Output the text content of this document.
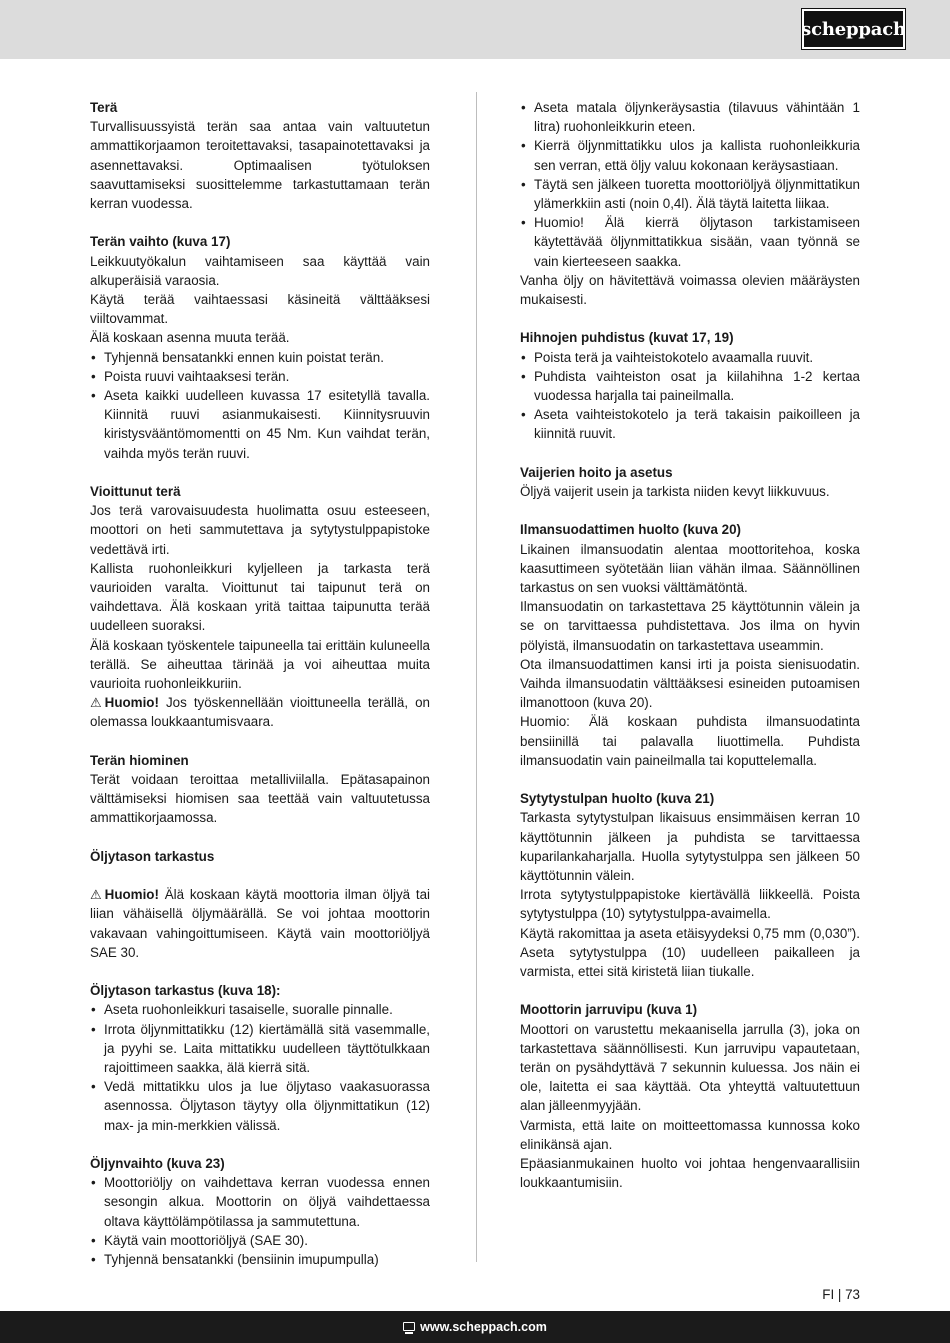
scheppach

Terä

Turvallisuussyistä terän saa antaa vain valtuutetun ammattikorjaamon teroitettavaksi, tasapainotettavaksi ja asennettavaksi. Optimaalisen työtuloksen saavuttamiseksi suosittelemme tarkastuttamaan terän kerran vuodessa.

Terän vaihto (kuva 17)

Leikkuutyökalun vaihtamiseen saa käyttää vain alkuperäisiä varaosia.

Käytä terää vaihtaessasi käsineitä välttääksesi viiltovammat.

Älä koskaan asenna muuta terää.

• Tyhjennä bensatankki ennen kuin poistat terän.
• Poista ruuvi vaihtaaksesi terän.
• Aseta kaikki uudelleen kuvassa 17 esitetyllä tavalla. Kiinnitä ruuvi asianmukaisesti. Kiinnitysruuvin kiristysvääntömomentti on 45 Nm. Kun vaihdat terän, vaihda myös terän ruuvi.

Vioittunut terä

Jos terä varovaisuudesta huolimatta osuu esteeseen, moottori on heti sammutettava ja sytytystulppapistoke vedettävä irti.

Kallista ruohonleikkuri kyljelleen ja tarkasta terä vaurioiden varalta. Vioittunut tai taipunut terä on vaihdettava. Älä koskaan yritä taittaa taipunutta terää uudelleen suoraksi.

Älä koskaan työskentele taipuneella tai erittäin kuluneella terällä. Se aiheuttaa tärinää ja voi aiheuttaa muita vaurioita ruohonleikkuriin.

⚠ Huomio! Jos työskennellään vioittuneella terällä, on olemassa loukkaantumisvaara.

Terän hiominen

Terät voidaan teroittaa metalliviilalla. Epätasapainon välttämiseksi hiomisen saa teettää vain valtuutetussa ammattikorjaamossa.

Öljytason tarkastus

⚠ Huomio! Älä koskaan käytä moottoria ilman öljyä tai liian vähäisellä öljymäärällä. Se voi johtaa moottorin vakavaan vahingoittumiseen. Käytä vain moottoriöljyä SAE 30.

Öljytason tarkastus (kuva 18):

• Aseta ruohonleikkuri tasaiselle, suoralle pinnalle.
• Irrota öljynmittatikku (12) kiertämällä sitä vasemmalle, ja pyyhi se. Laita mittatikku uudelleen täyttötulkkaan rajoittimeen saakka, älä kierrä sitä.
• Vedä mittatikku ulos ja lue öljytaso vaakasuorassa asennossa. Öljytason täytyy olla öljynmittatikun (12) max- ja min-merkkien välissä.

Öljynvaihto (kuva 23)

• Moottoriöljy on vaihdettava kerran vuodessa ennen sesongin alkua. Moottorin on öljyä vaihdettaessa oltava käyttölämpötilassa ja sammutettuna.
• Käytä vain moottoriöljyä (SAE 30).
• Tyhjennä bensatankki (bensiinin imupumpulla)
• Aseta matala öljynkeräysastia (tilavuus vähintään 1 litra) ruohonleikkurin eteen.
• Kierrä öljynmittatikku ulos ja kallista ruohonleikkuria sen verran, että öljy valuu kokonaan keräysastiaan.
• Täytä sen jälkeen tuoretta moottoriöljyä öljynmittatikun ylämerkkiin asti (noin 0,4l). Älä täytä laitetta liikaa.
• Huomio! Älä kierrä öljytason tarkistamiseen käytettävää öljynmittatikkua sisään, vaan työnnä se vain kierteeseen saakka.

Vanha öljy on hävitettävä voimassa olevien määräysten mukaisesti.

Hihnojen puhdistus (kuvat 17, 19)

• Poista terä ja vaihteistokotelo avaamalla ruuvit.
• Puhdista vaihteiston osat ja kiilahihna 1-2 kertaa vuodessa harjalla tai paineilmalla.
• Aseta vaihteistokotelo ja terä takaisin paikoilleen ja kiinnitä ruuvit.

Vaijerien hoito ja asetus

Öljyä vaijerit usein ja tarkista niiden kevyt liikkuvuus.

Ilmansuodattimen huolto (kuva 20)

Likainen ilmansuodatin alentaa moottoritehoa, koska kaasuttimeen syötetään liian vähän ilmaa. Säännöllinen tarkastus on sen vuoksi välttämätöntä.

Ilmansuodatin on tarkastettava 25 käyttötunnin välein ja se on tarvittaessa puhdistettava. Jos ilma on hyvin pölyistä, ilmansuodatin on tarkastettava useammin.

Ota ilmansuodattimen kansi irti ja poista sienisuodatin. Vaihda ilmansuodatin välttääksesi esineiden putoamisen ilmanottoon (kuva 20).

Huomio: Älä koskaan puhdista ilmansuodatinta bensiinillä tai palavalla liuottimella. Puhdista ilmansuodatin vain paineilmalla tai koputtelemalla.

Sytytystulpan huolto (kuva 21)

Tarkasta sytytystulpan likaisuus ensimmäisen kerran 10 käyttötunnin jälkeen ja puhdista se tarvittaessa kuparilankaharjalla. Huolla sytytystulppa sen jälkeen 50 käyttötunnin välein.

Irrota sytytystulppapistoke kiertävällä liikkeellä. Poista sytytystulppa (10) sytytystulppa-avaimella.

Käytä rakomittaa ja aseta etäisyydeksi 0,75 mm (0,030”). Aseta sytytystulppa (10) uudelleen paikalleen ja varmista, ettei sitä kiristetä liian tiukalle.

Moottorin jarruvipu (kuva 1)

Moottori on varustettu mekaanisella jarrulla (3), joka on tarkastettava säännöllisesti. Kun jarruvipu vapautetaan, terän on pysähdyttävä 7 sekunnin kuluessa. Jos näin ei ole, laitetta ei saa käyttää. Ota yhteyttä valtuutettuun alan jälleenmyyjään.

Varmista, että laite on moitteettomassa kunnossa koko elinikänsä ajan.

Epäasianmukainen huolto voi johtaa hengenvaarallisiin loukkaantumisiin.

FI | 73
www.scheppach.com
